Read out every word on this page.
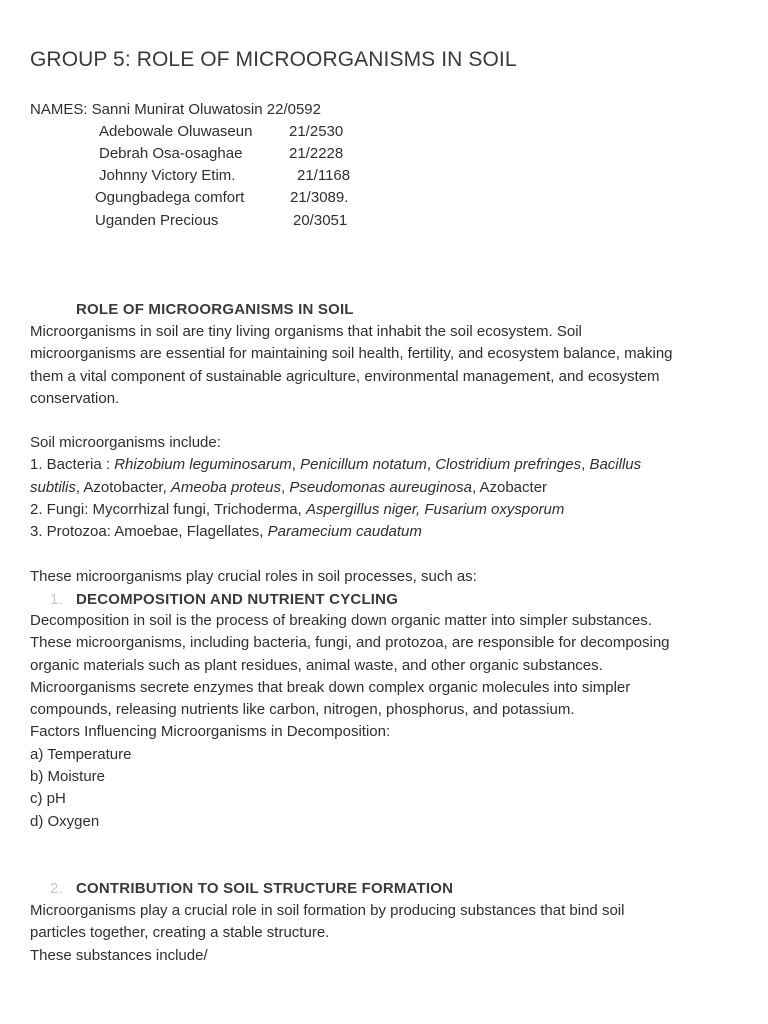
GROUP 5: ROLE OF MICROORGANISMS IN SOIL
NAMES: Sanni Munirat Oluwatosin 22/0592
Adebowale Oluwaseun 21/2530
Debrah Osa-osaghae	21/2228
Johnny Victory Etim.	21/1168
Ogungbadega comfort	21/3089.
Uganden Precious	20/3051
ROLE OF MICROORGANISMS IN SOIL
Microorganisms in soil are tiny living organisms that inhabit the soil ecosystem. Soil
microorganisms are essential for maintaining soil health, fertility, and ecosystem balance, making
them a vital component of sustainable agriculture, environmental management, and ecosystem
conservation.
Soil microorganisms include:
1. Bacteria : Rhizobium leguminosarum, Penicillum notatum, Clostridium prefringes, Bacillus
subtilis, Azotobacter, Ameoba proteus, Pseudomonas aureuginosa, Azobacter
2. Fungi: Mycorrhizal fungi, Trichoderma, Aspergillus niger, Fusarium oxysporum
3. Protozoa: Amoebae, Flagellates, Paramecium caudatum
These microorganisms play crucial roles in soil processes, such as:
1. DECOMPOSITION AND NUTRIENT CYCLING
Decomposition in soil is the process of breaking down organic matter into simpler substances.
These microorganisms, including bacteria, fungi, and protozoa, are responsible for decomposing
organic materials such as plant residues, animal waste, and other organic substances.
Microorganisms secrete enzymes that break down complex organic molecules into simpler
compounds, releasing nutrients like carbon, nitrogen, phosphorus, and potassium.
Factors Influencing Microorganisms in Decomposition:
a) Temperature
b) Moisture
c) pH
d) Oxygen
2. CONTRIBUTION TO SOIL STRUCTURE FORMATION
Microorganisms play a crucial role in soil formation by producing substances that bind soil
particles together, creating a stable structure.
These substances include/
